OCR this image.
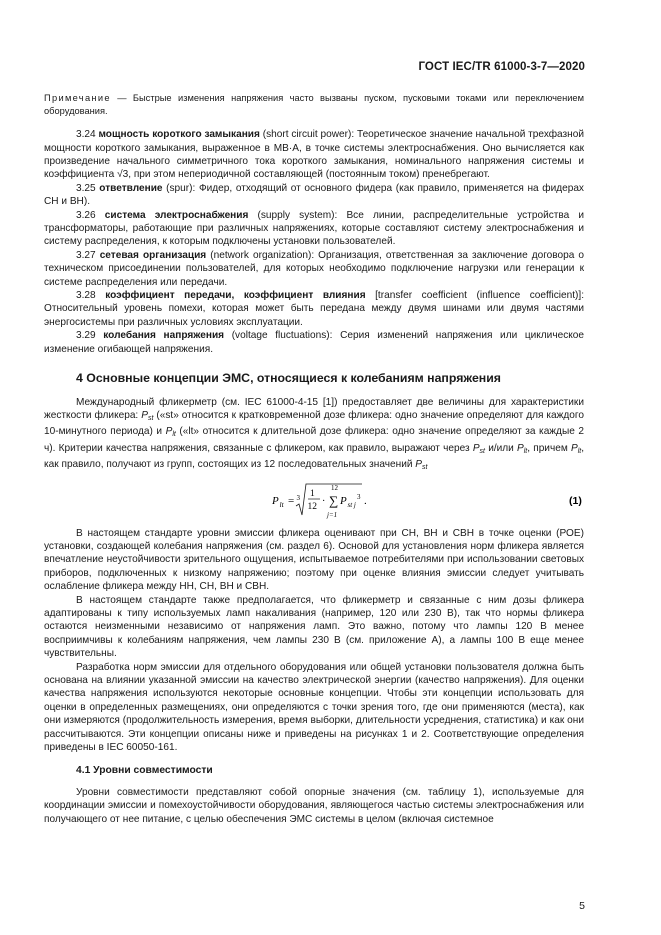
ГОСТ IEC/TR 61000-3-7—2020

Примечание — Быстрые изменения напряжения часто вызваны пуском, пусковыми токами или переключением оборудования.

3.24 мощность короткого замыкания (short circuit power): Теоретическое значение начальной трехфазной мощности короткого замыкания, выраженное в МВ·А, в точке системы электроснабжения. Оно вычисляется как произведение начального симметричного тока короткого замыкания, номинального напряжения системы и коэффициента √3, при этом непериодичной составляющей (постоянным током) пренебрегают.

3.25 ответвление (spur): Фидер, отходящий от основного фидера (как правило, применяется на фидерах СН и ВН).

3.26 система электроснабжения (supply system): Все линии, распределительные устройства и трансформаторы, работающие при различных напряжениях, которые составляют систему электроснабжения и систему распределения, к которым подключены установки пользователей.

3.27 сетевая организация (network organization): Организация, ответственная за заключение договора о техническом присоединении пользователей, для которых необходимо подключение нагрузки или генерации к системе распределения или передачи.

3.28 коэффициент передачи, коэффициент влияния [transfer coefficient (influence coefficient)]: Относительный уровень помехи, которая может быть передана между двумя шинами или двумя частями энергосистемы при различных условиях эксплуатации.

3.29 колебания напряжения (voltage fluctuations): Серия изменений напряжения или циклическое изменение огибающей напряжения.

4 Основные концепции ЭМС, относящиеся к колебаниям напряжения

Международный фликерметр (см. IEC 61000-4-15 [1]) предоставляет две величины для характеристики жесткости фликера: $P_{st}$ («st» относится к кратковременной дозе фликера: одно значение определяют для каждого 10-минутного периода) и $P_{lt}$ («lt» относится к длительной дозе фликера: одно значение определяют за каждые 2 ч). Критерии качества напряжения, связанные с фликером, как правило, выражают через $P_{st}$ и/или $P_{lt}$, причем $P_{lt}$, как правило, получают из групп, состоящих из 12 последовательных значений $P_{st}$

P lt = 3 1
12 ·
12
∑
j=1
P st j
3 .	(1)

В настоящем стандарте уровни эмиссии фликера оценивают при СН, ВН и СВН в точке оценки (РОЕ) установки, создающей колебания напряжения (см. раздел 6). Основой для установления норм фликера является впечатление неустойчивости зрительного ощущения, испытываемое потребителями при использовании световых приборов, подключенных к низкому напряжению; поэтому при оценке влияния эмиссии следует учитывать ослабление фликера между НН, СН, ВН и СВН.

В настоящем стандарте также предполагается, что фликерметр и связанные с ним дозы фликера адаптированы к типу используемых ламп накаливания (например, 120 или 230 В), так что нормы фликера остаются неизменными независимо от напряжения ламп. Это важно, потому что лампы 120 В менее восприимчивы к колебаниям напряжения, чем лампы 230 В (см. приложение А), а лампы 100 В еще менее чувствительны.

Разработка норм эмиссии для отдельного оборудования или общей установки пользователя должна быть основана на влиянии указанной эмиссии на качество электрической энергии (качество напряжения). Для оценки качества напряжения используются некоторые основные концепции. Чтобы эти концепции использовать для оценки в определенных размещениях, они определяются с точки зрения того, где они применяются (места), как они измеряются (продолжительность измерения, время выборки, длительности усреднения, статистика) и как они рассчитываются. Эти концепции описаны ниже и приведены на рисунках 1 и 2. Соответствующие определения приведены в IEC 60050-161.

4.1 Уровни совместимости

Уровни совместимости представляют собой опорные значения (см. таблицу 1), используемые для координации эмиссии и помехоустойчивости оборудования, являющегося частью системы электроснабжения или получающего от нее питание, с целью обеспечения ЭМС системы в целом (включая системное

5
